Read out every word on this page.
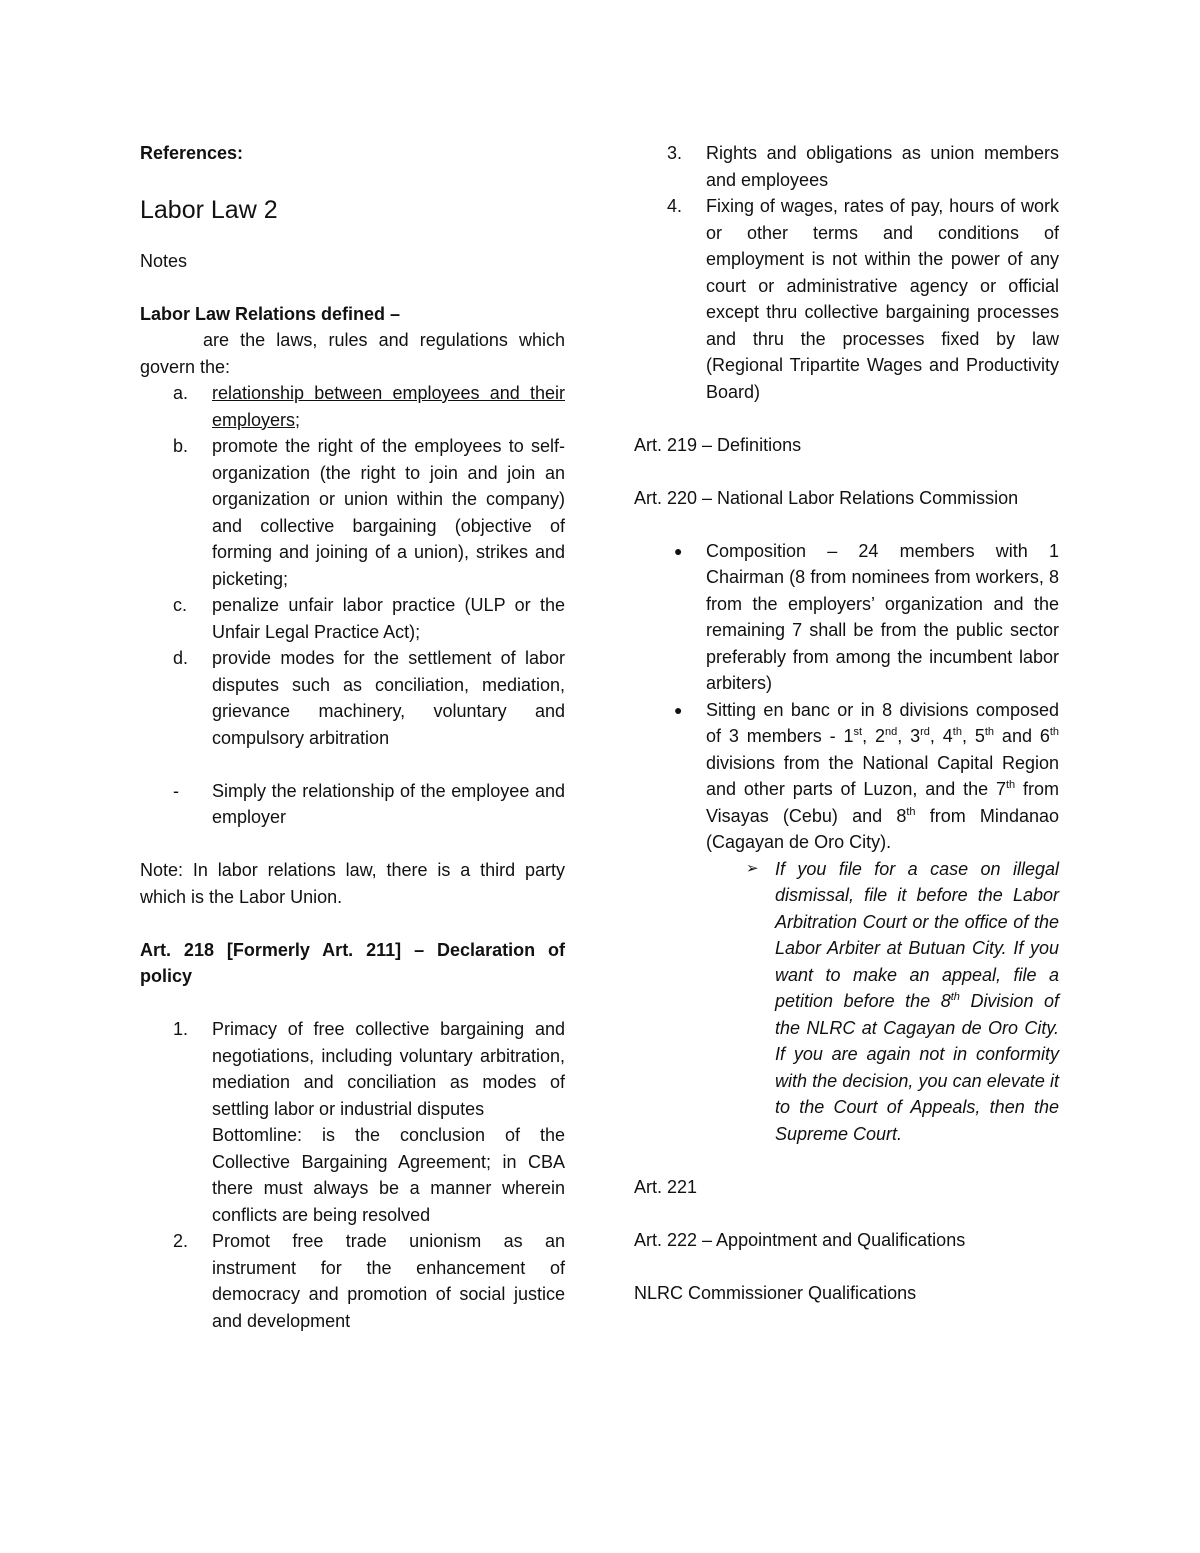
References:

Labor Law 2

Notes

Labor Law Relations defined –

are the laws, rules and regulations which govern the:

a.	relationship between employees and their employers;
b.	promote the right of the employees to self-organization (the right to join and join an organization or union within the company) and collective bargaining (objective of forming and joining of a union), strikes and picketing;
c.	penalize unfair labor practice (ULP or the Unfair Legal Practice Act);
d.	provide modes for the settlement of labor disputes such as conciliation, mediation, grievance machinery, voluntary and compulsory arbitration
-	Simply the relationship of the employee and employer

Note: In labor relations law, there is a third party which is the Labor Union.

Art. 218 [Formerly Art. 211] – Declaration of policy

1.	Primacy of free collective bargaining and negotiations, including voluntary arbitration, mediation and conciliation as modes of settling labor or industrial disputes
Bottomline: is the conclusion of the Collective Bargaining Agreement; in CBA there must always be a manner wherein conflicts are being resolved
2.	Promot free trade unionism as an instrument for the enhancement of democracy and promotion of social justice and development
3.	Rights and obligations as union members and employees
4.	Fixing of wages, rates of pay, hours of work or other terms and conditions of employment is not within the power of any court or administrative agency or official except thru collective bargaining processes and thru the processes fixed by law (Regional Tripartite Wages and Productivity Board)

Art. 219 – Definitions

Art. 220 – National Labor Relations Commission

●	Composition – 24 members with 1 Chairman (8 from nominees from workers, 8 from the employers’ organization and the remaining 7 shall be from the public sector preferably from among the incumbent labor arbiters)
●	Sitting en banc or in 8 divisions composed of 3 members - 1st, 2nd, 3rd, 4th, 5th and 6th divisions from the National Capital Region and other parts of Luzon, and the 7th from Visayas (Cebu) and 8th from Mindanao (Cagayan de Oro City).
➢ If you file for a case on illegal dismissal, file it before the Labor Arbitration Court or the office of the Labor Arbiter at Butuan City. If you want to make an appeal, file a petition before the 8th Division of the NLRC at Cagayan de Oro City. If you are again not in conformity with the decision, you can elevate it to the Court of Appeals, then the Supreme Court.

Art. 221

Art. 222 – Appointment and Qualifications

NLRC Commissioner Qualifications
